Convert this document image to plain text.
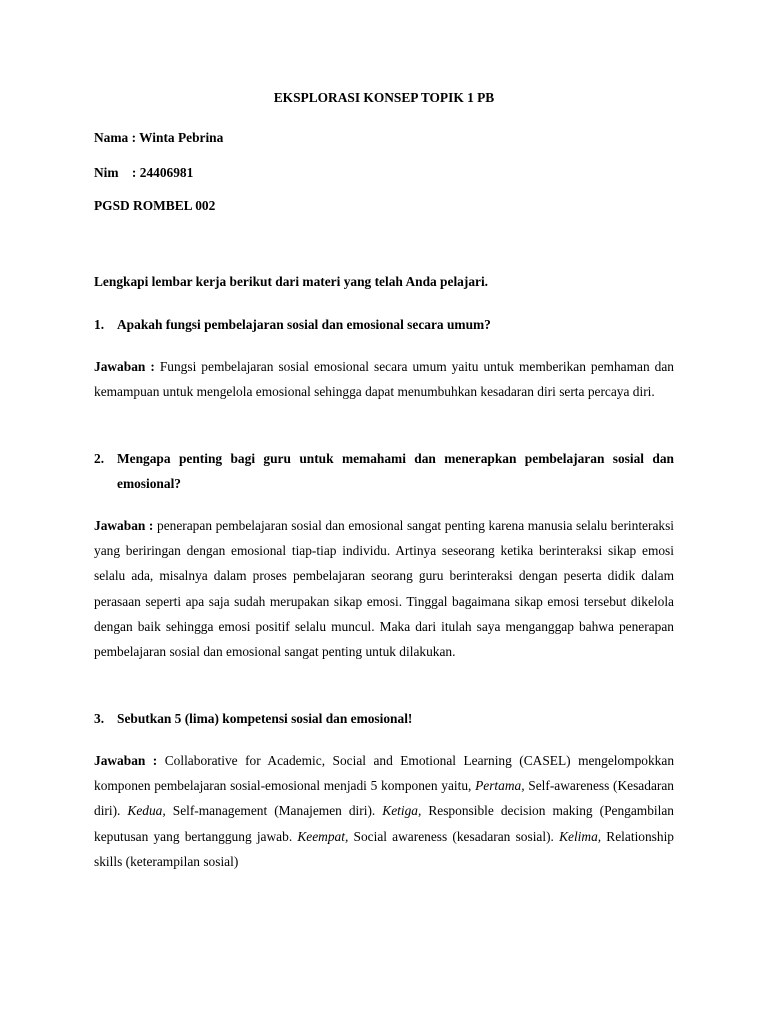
EKSPLORASI KONSEP TOPIK 1 PB

Nama : Winta Pebrina

Nim    : 24406981

PGSD ROMBEL 002

Lengkapi lembar kerja berikut dari materi yang telah Anda pelajari.

1. Apakah fungsi pembelajaran sosial dan emosional secara umum?

Jawaban : Fungsi pembelajaran sosial emosional secara umum yaitu untuk memberikan pemhaman dan kemampuan untuk mengelola emosional sehingga dapat menumbuhkan kesadaran diri serta percaya diri.

2. Mengapa penting bagi guru untuk memahami dan menerapkan pembelajaran sosial dan emosional?

Jawaban : penerapan pembelajaran sosial dan emosional sangat penting karena manusia selalu berinteraksi yang beriringan dengan emosional tiap-tiap individu. Artinya seseorang ketika berinteraksi sikap emosi selalu ada, misalnya dalam proses pembelajaran seorang guru berinteraksi dengan peserta didik dalam perasaan seperti apa saja sudah merupakan sikap emosi. Tinggal bagaimana sikap emosi tersebut dikelola dengan baik sehingga emosi positif selalu muncul. Maka dari itulah saya menganggap bahwa penerapan pembelajaran sosial dan emosional sangat penting untuk dilakukan.

3. Sebutkan 5 (lima) kompetensi sosial dan emosional!

Jawaban : Collaborative for Academic, Social and Emotional Learning (CASEL) mengelompokkan komponen pembelajaran sosial-emosional menjadi 5 komponen yaitu, Pertama, Self-awareness (Kesadaran diri). Kedua, Self-management (Manajemen diri). Ketiga, Responsible decision making (Pengambilan keputusan yang bertanggung jawab. Keempat, Social awareness (kesadaran sosial). Kelima, Relationship skills (keterampilan sosial)
